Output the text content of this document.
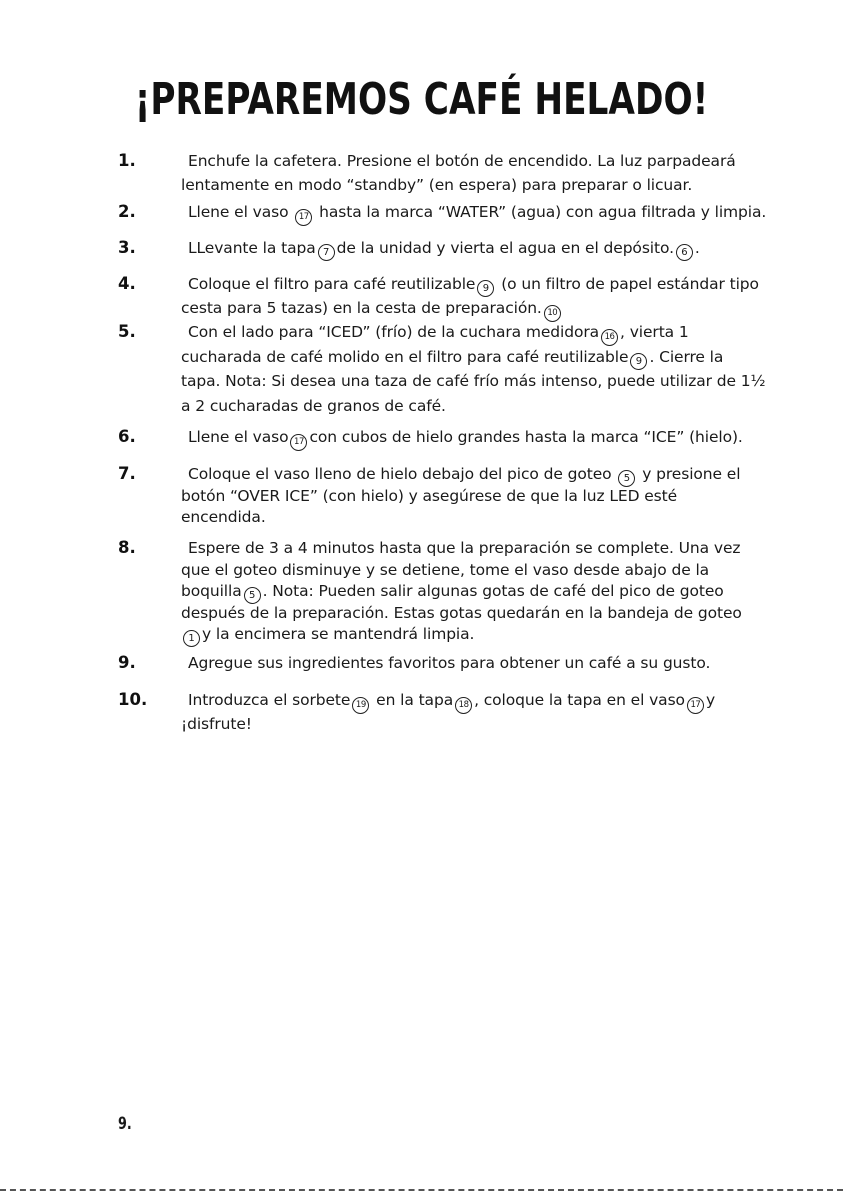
¡PREPAREMOS CAFÉ HELADO!
1.	Enchufe la cafetera. Presione el botón de encendido. La luz parpadeará
lentamente en modo “standby” (en espera) para preparar o licuar.
2.	Llene el vaso 17 hasta la marca “WATER” (agua) con agua filtrada y limpia.
3.	LLevante la tapa 7 de la unidad y vierta el agua en el depósito. 6 .
4.	Coloque el filtro para café reutilizable 9 (o un filtro de papel estándar tipo
cesta para 5 tazas) en la cesta de preparación. 10
5.	Con el lado para “ICED” (frío) de la cuchara medidora 16 , vierta 1
cucharada de café molido en el filtro para café reutilizable 9 . Cierre la
tapa. Nota: Si desea una taza de café frío más intenso, puede utilizar de 1½
a 2 cucharadas de granos de café.
6.	Llene el vaso 17 con cubos de hielo grandes hasta la marca “ICE” (hielo).
7.	Coloque el vaso lleno de hielo debajo del pico de goteo 5 y presione el
botón “OVER ICE” (con hielo) y asegúrese de que la luz LED esté
encendida.
8.	Espere de 3 a 4 minutos hasta que la preparación se complete. Una vez
que el goteo disminuye y se detiene, tome el vaso desde abajo de la
boquilla 5 . Nota: Pueden salir algunas gotas de café del pico de goteo
después de la preparación. Estas gotas quedarán en la bandeja de goteo
1 y la encimera se mantendrá limpia.
9.	Agregue sus ingredientes favoritos para obtener un café a su gusto.
10.	Introduzca el sorbete 19 en la tapa 18 , coloque la tapa en el vaso 17 y
¡disfrute!
9.
